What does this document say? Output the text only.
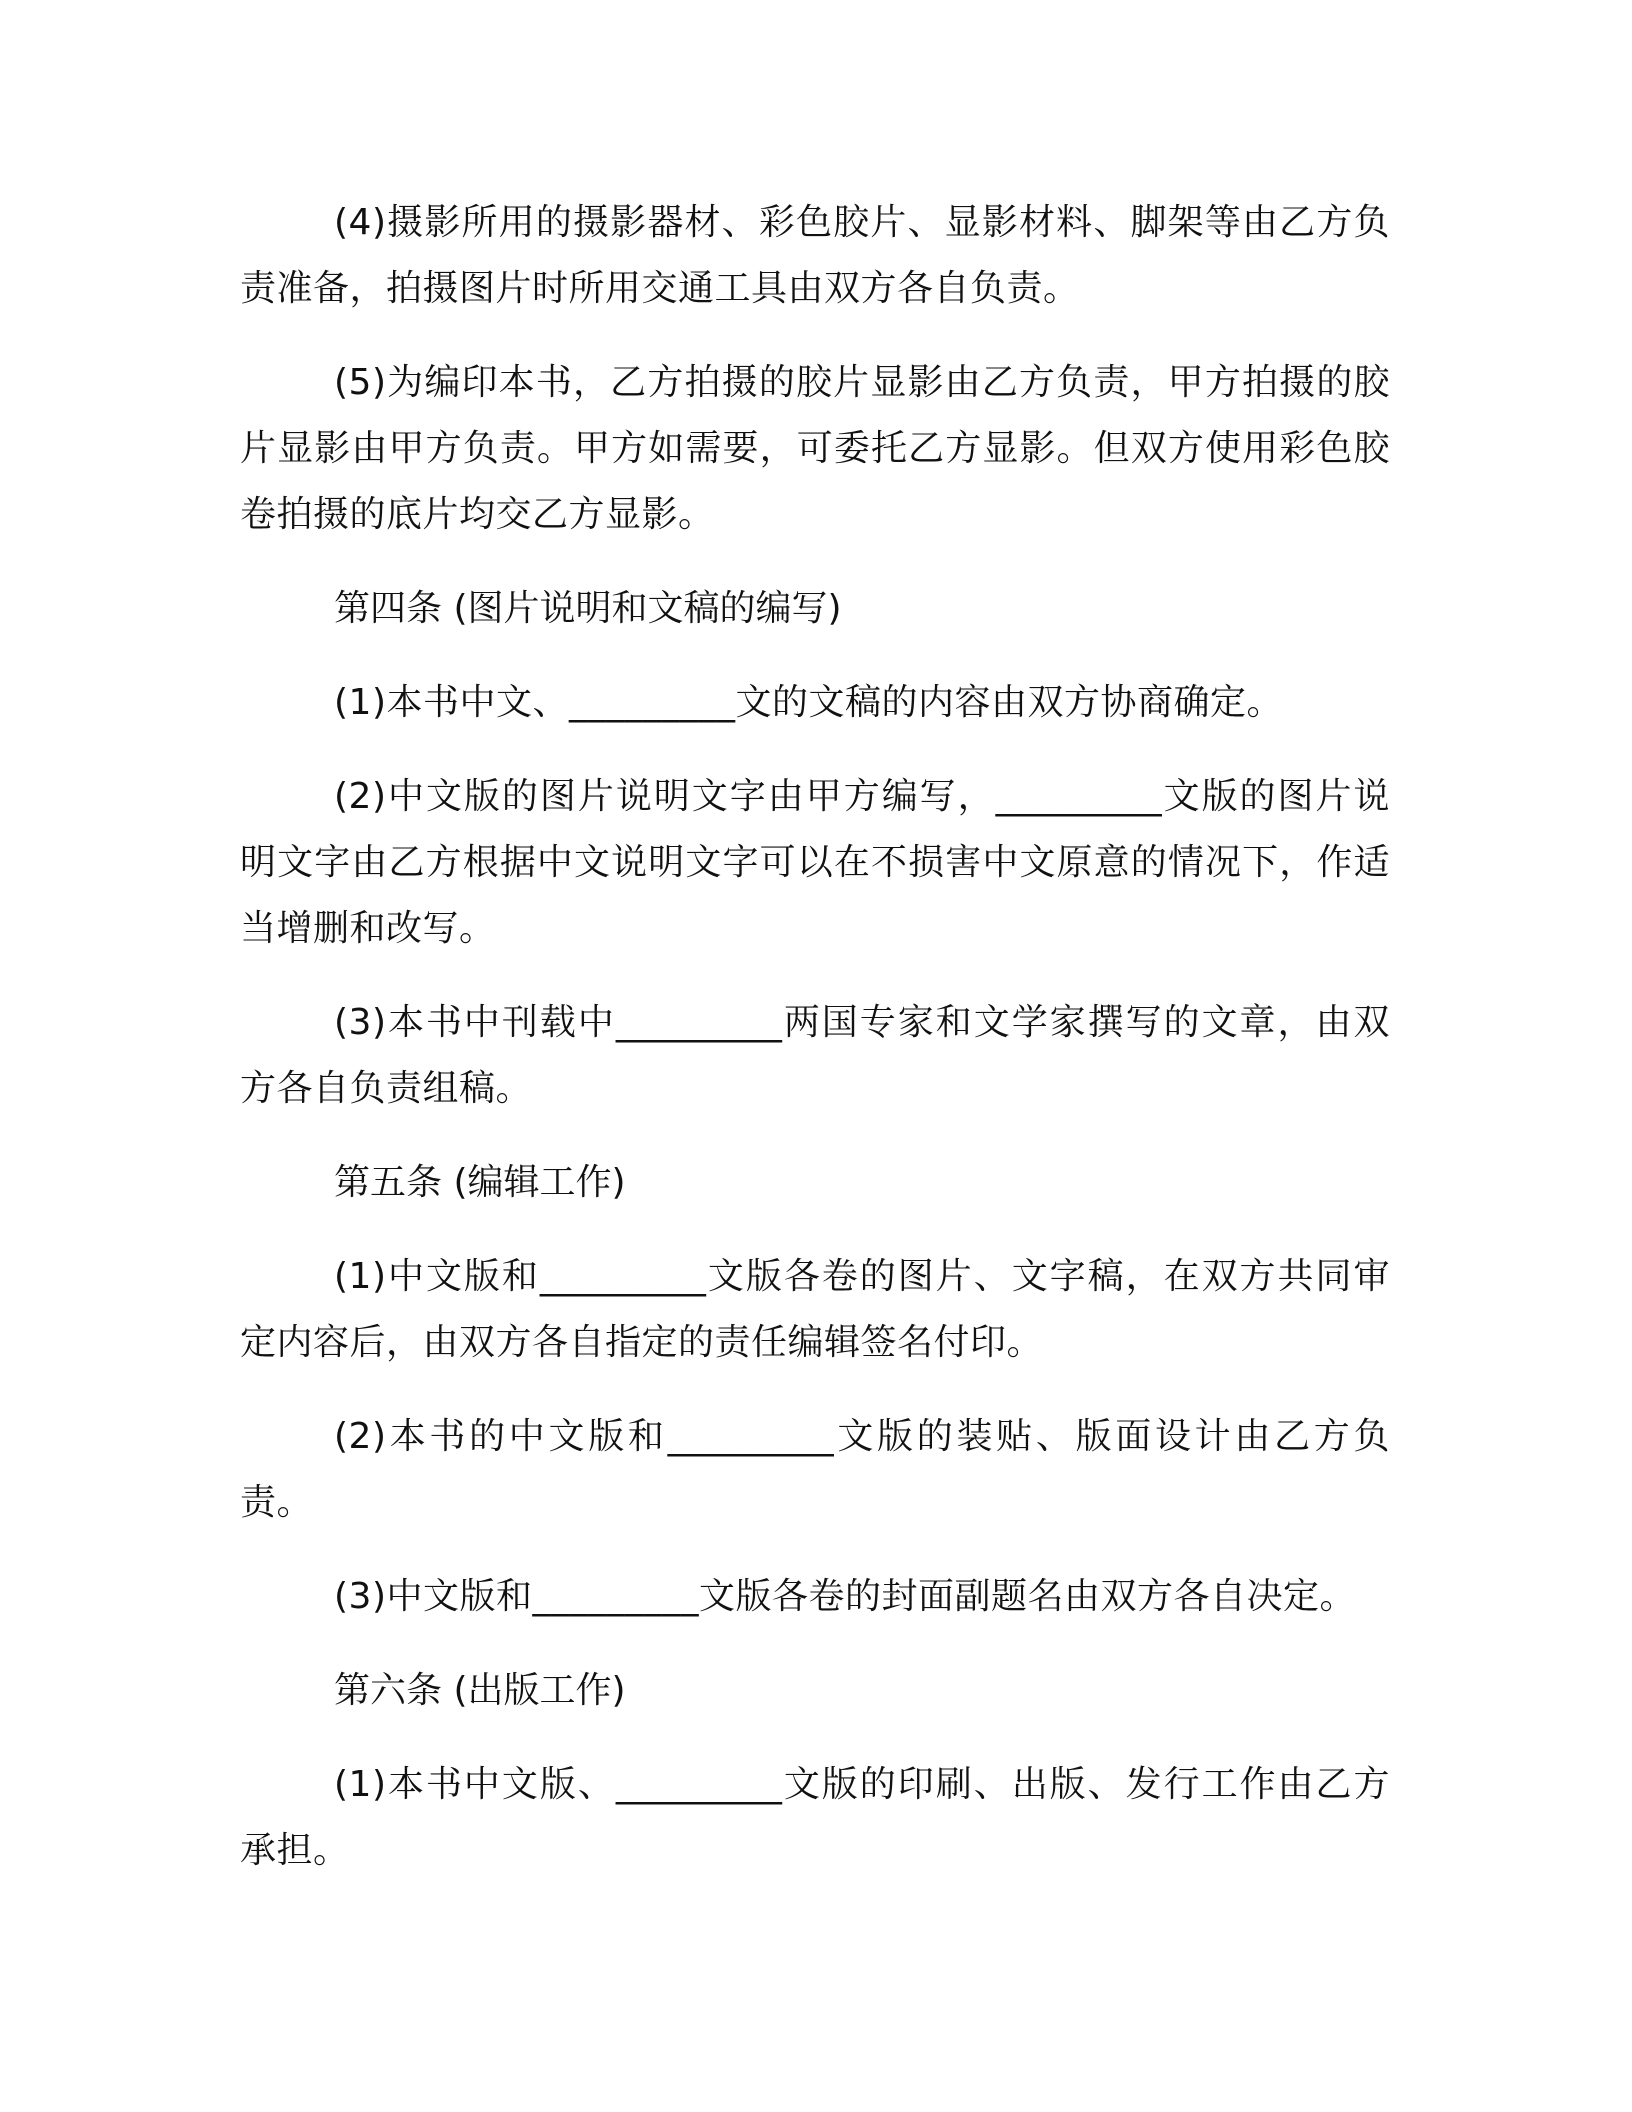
(4)摄影所用的摄影器材、彩色胶片、显影材料、脚架等由乙方负责准备，拍摄图片时所用交通工具由双方各自负责。

(5)为编印本书，乙方拍摄的胶片显影由乙方负责，甲方拍摄的胶片显影由甲方负责。甲方如需要，可委托乙方显影。但双方使用彩色胶卷拍摄的底片均交乙方显影。

第四条 (图片说明和文稿的编写)

(1)本书中文、_________文的文稿的内容由双方协商确定。

(2)中文版的图片说明文字由甲方编写，_________文版的图片说明文字由乙方根据中文说明文字可以在不损害中文原意的情况下，作适当增删和改写。

(3)本书中刊载中_________两国专家和文学家撰写的文章，由双方各自负责组稿。

第五条 (编辑工作)

(1)中文版和_________文版各卷的图片、文字稿，在双方共同审定内容后，由双方各自指定的责任编辑签名付印。

(2)本书的中文版和_________文版的装贴、版面设计由乙方负责。

(3)中文版和_________文版各卷的封面副题名由双方各自决定。

第六条 (出版工作)

(1)本书中文版、_________文版的印刷、出版、发行工作由乙方承担。
